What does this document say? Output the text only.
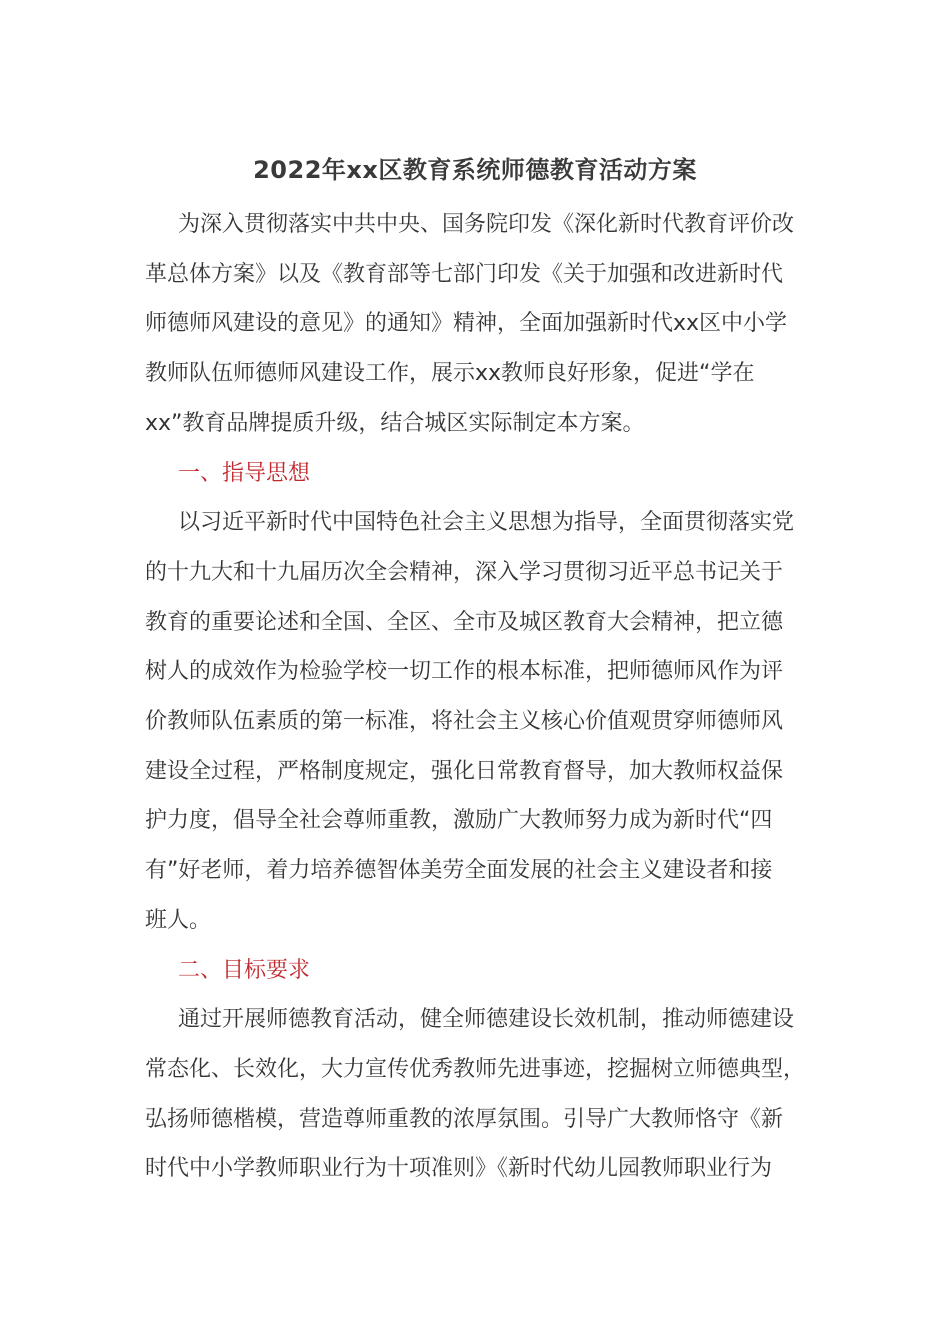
2022年xx区教育系统师德教育活动方案
为深入贯彻落实中共中央、国务院印发《深化新时代教育评价改
革总体方案》以及《教育部等七部门印发《关于加强和改进新时代
师德师风建设的意见》的通知》精神，全面加强新时代xx区中小学
教师队伍师德师风建设工作，展示xx教师良好形象，促进“学在
xx”教育品牌提质升级，结合城区实际制定本方案。
一、指导思想
以习近平新时代中国特色社会主义思想为指导，全面贯彻落实党
的十九大和十九届历次全会精神，深入学习贯彻习近平总书记关于
教育的重要论述和全国、全区、全市及城区教育大会精神，把立德
树人的成效作为检验学校一切工作的根本标准，把师德师风作为评
价教师队伍素质的第一标准，将社会主义核心价值观贯穿师德师风
建设全过程，严格制度规定，强化日常教育督导，加大教师权益保
护力度，倡导全社会尊师重教，激励广大教师努力成为新时代“四
有”好老师，着力培养德智体美劳全面发展的社会主义建设者和接
班人。
二、目标要求
通过开展师德教育活动，健全师德建设长效机制，推动师德建设
常态化、长效化，大力宣传优秀教师先进事迹，挖掘树立师德典型，
弘扬师德楷模，营造尊师重教的浓厚氛围。引导广大教师恪守《新
时代中小学教师职业行为十项准则》《新时代幼儿园教师职业行为
